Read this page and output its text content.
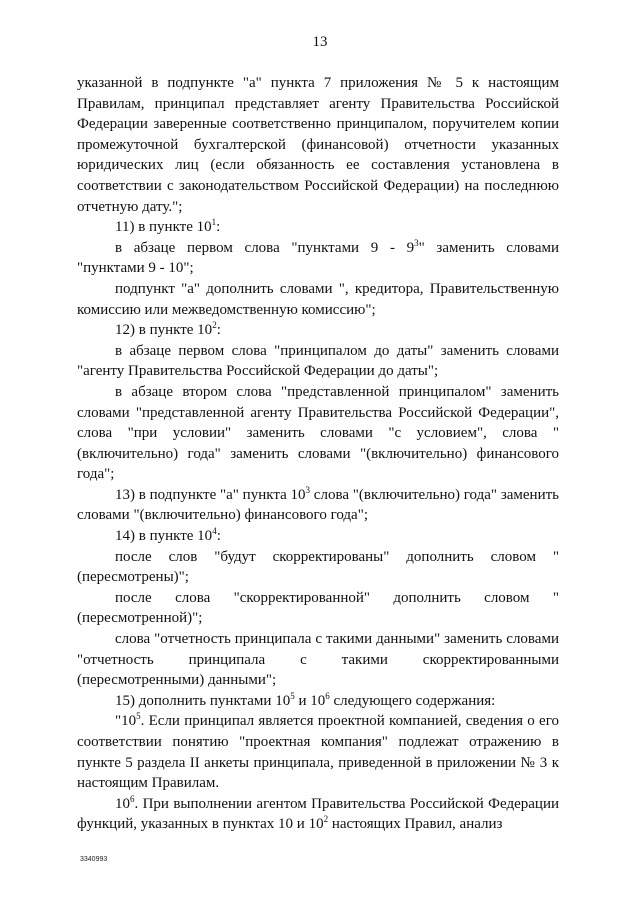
13

указанной в подпункте "а" пункта 7 приложения № 5 к настоящим Правилам, принципал представляет агенту Правительства Российской Федерации заверенные соответственно принципалом, поручителем копии промежуточной бухгалтерской (финансовой) отчетности указанных юридических лиц (если обязанность ее составления установлена в соответствии с законодательством Российской Федерации) на последнюю отчетную дату.";

11) в пункте $10^1$:

в абзаце первом слова "пунктами $9 - 9^3$" заменить словами "пунктами 9 - 10";

подпункт "а" дополнить словами ", кредитора, Правительственную комиссию или межведомственную комиссию";

12) в пункте $10^2$:

в абзаце первом слова "принципалом до даты" заменить словами "агенту Правительства Российской Федерации до даты";

в абзаце втором слова "представленной принципалом" заменить словами "представленной агенту Правительства Российской Федерации", слова "при условии" заменить словами "с условием", слова "(включительно) года" заменить словами "(включительно) финансового года";

13) в подпункте "а" пункта $10^3$ слова "(включительно) года" заменить словами "(включительно) финансового года";

14) в пункте $10^4$:

после слов "будут скорректированы" дополнить словом "(пересмотрены)";

после слова "скорректированной" дополнить словом "(пересмотренной)";

слова "отчетность принципала с такими данными" заменить словами "отчетность принципала с такими скорректированными (пересмотренными) данными";

15) дополнить пунктами $10^5$ и $10^6$ следующего содержания:

"$10^5$. Если принципал является проектной компанией, сведения о его соответствии понятию "проектная компания" подлежат отражению в пункте 5 раздела II анкеты принципала, приведенной в приложении № 3 к настоящим Правилам.

$10^6$. При выполнении агентом Правительства Российской Федерации функций, указанных в пунктах 10 и $10^2$ настоящих Правил, анализ

3340993
